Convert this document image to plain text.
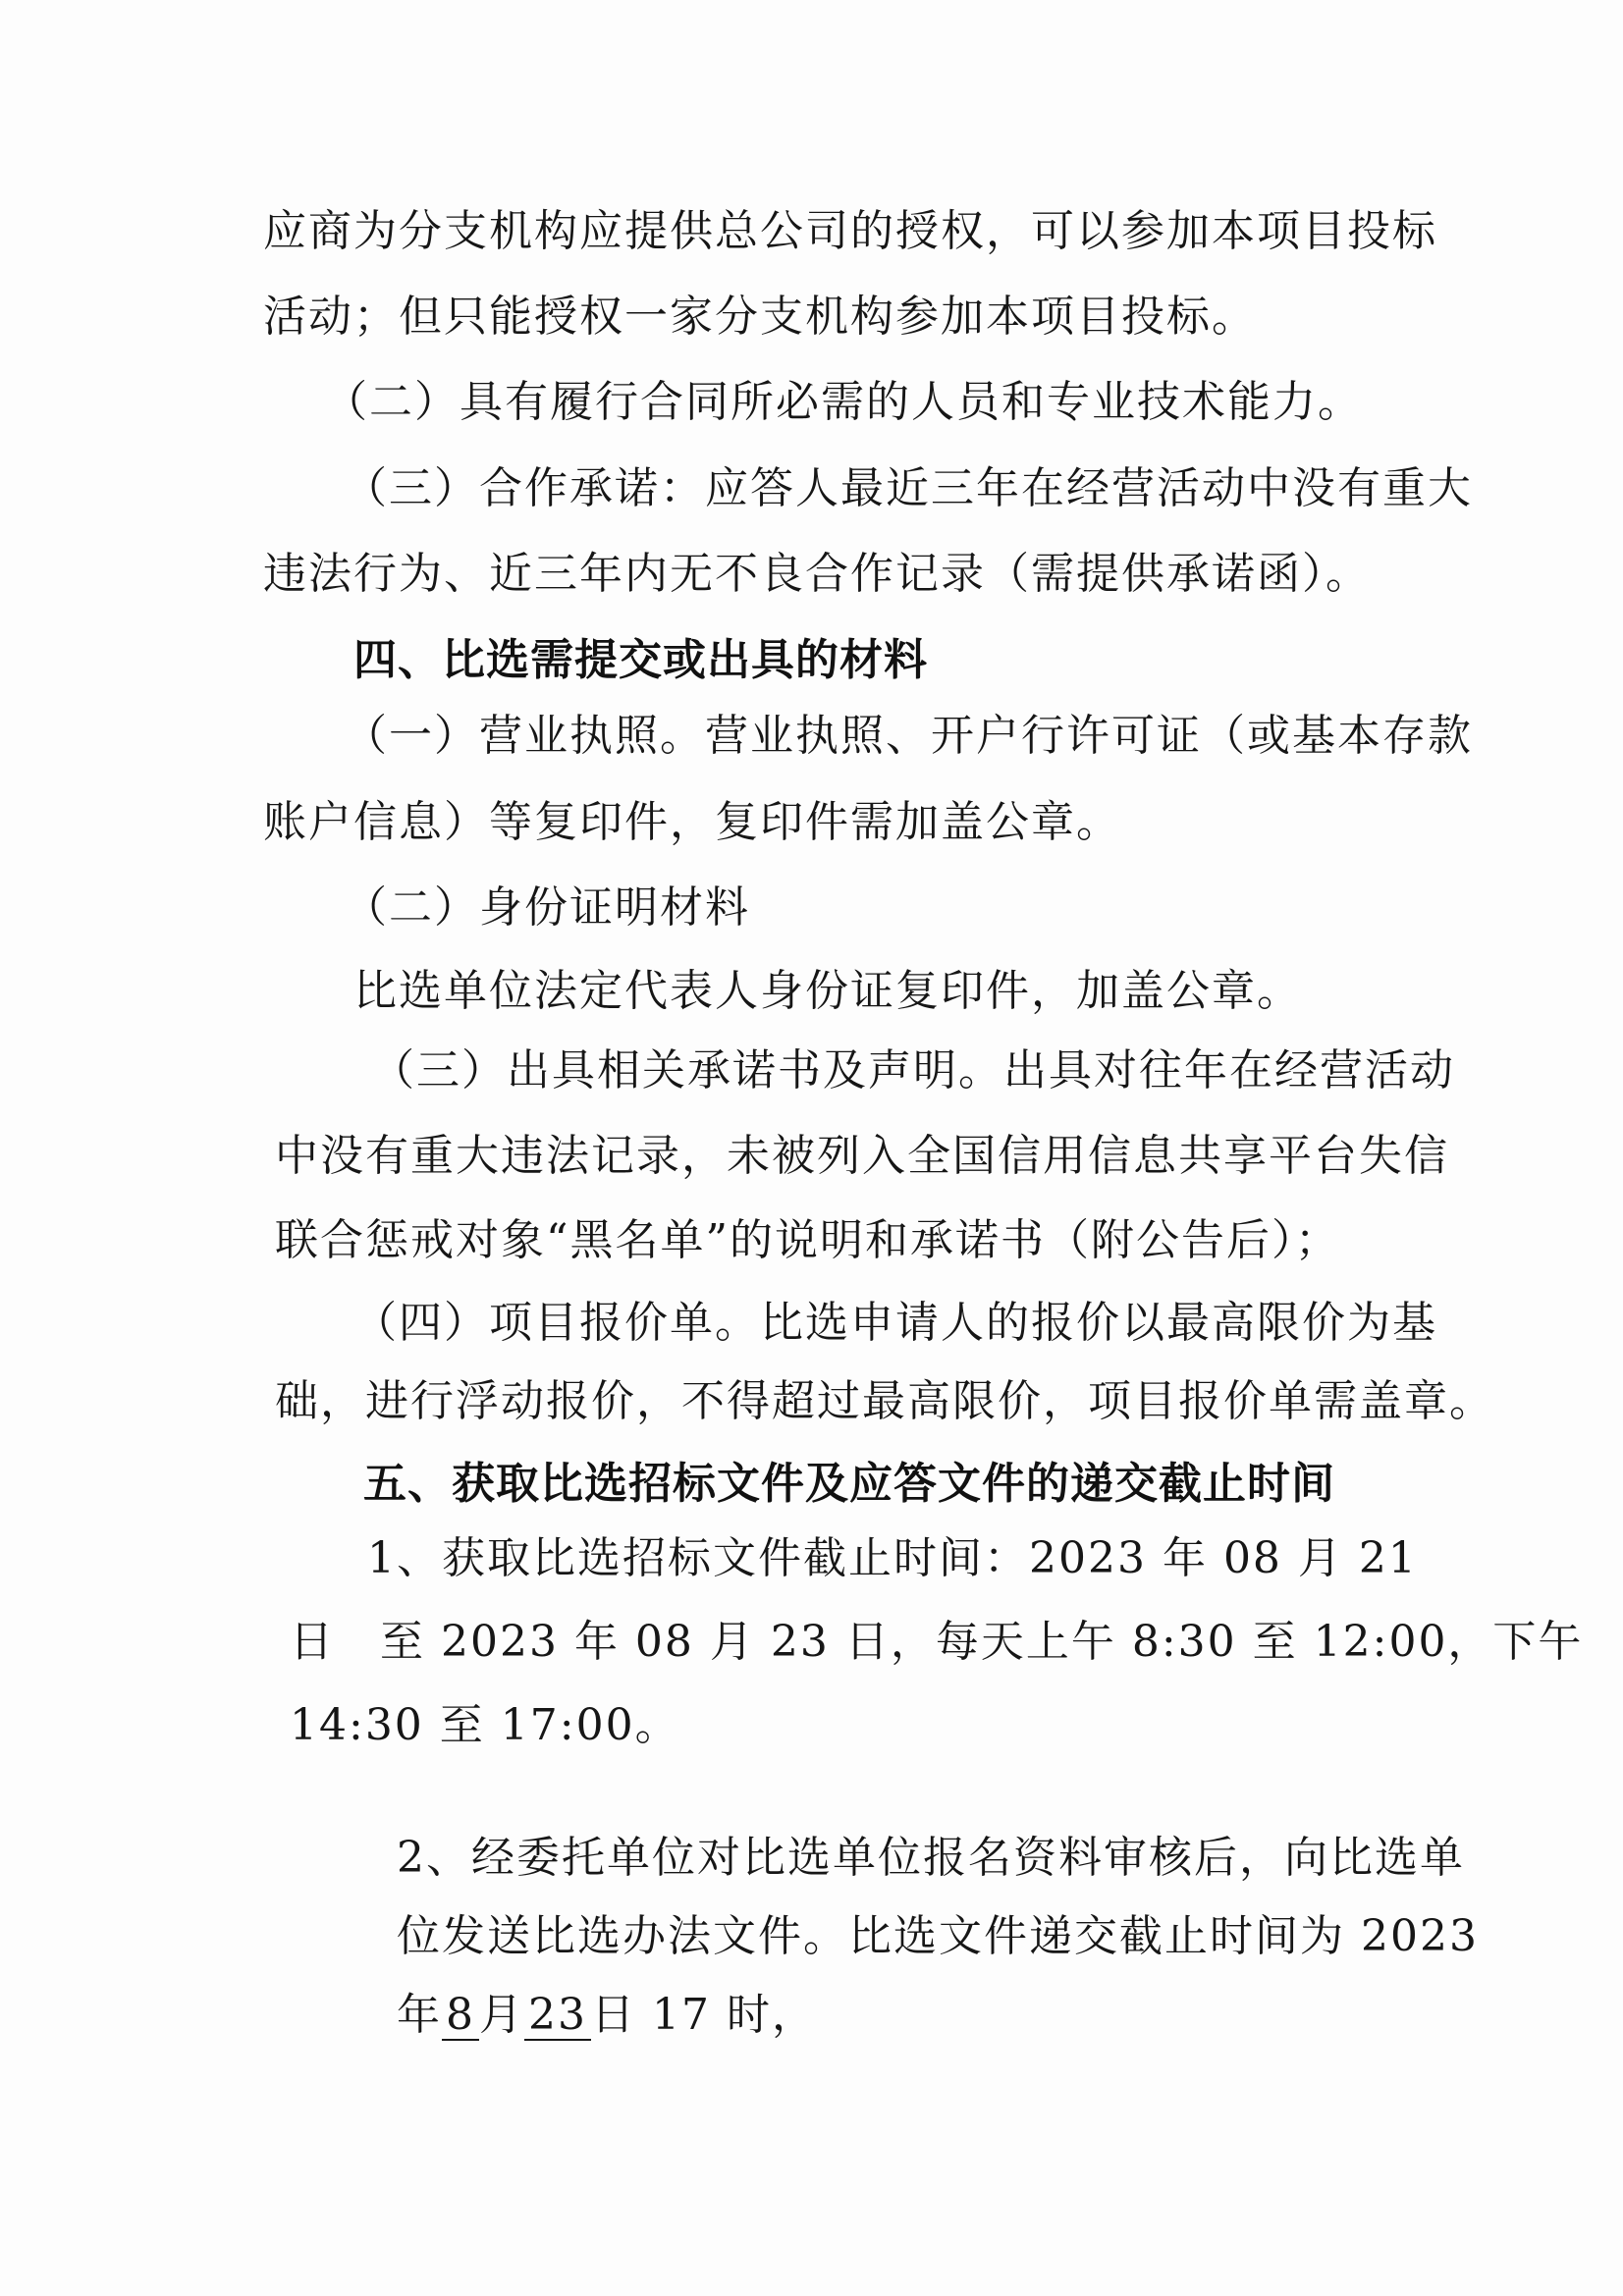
应商为分支机构应提供总公司的授权，可以参加本项目投标
活动；但只能授权一家分支机构参加本项目投标。
（二）具有履行合同所必需的人员和专业技术能力。
（三）合作承诺：应答人最近三年在经营活动中没有重大
违法行为、近三年内无不良合作记录（需提供承诺函）。
四、比选需提交或出具的材料
（一）营业执照。营业执照、开户行许可证（或基本存款
账户信息）等复印件，复印件需加盖公章。
（二）身份证明材料
比选单位法定代表人身份证复印件，加盖公章。
（三）出具相关承诺书及声明。出具对往年在经营活动
中没有重大违法记录，未被列入全国信用信息共享平台失信
联合惩戒对象“黑名单”的说明和承诺书（附公告后）；
（四）项目报价单。比选申请人的报价以最高限价为基
础，进行浮动报价，不得超过最高限价，项目报价单需盖章。
五、获取比选招标文件及应答文件的递交截止时间
1、获取比选招标文件截止时间：2023 年 08 月 21
日　至 2023 年 08 月 23 日，每天上午 8:30 至 12:00，下午
14:30 至 17:00。
2、经委托单位对比选单位报名资料审核后，向比选单
位发送比选办法文件。比选文件递交截止时间为 2023
年8月23日 17 时，
